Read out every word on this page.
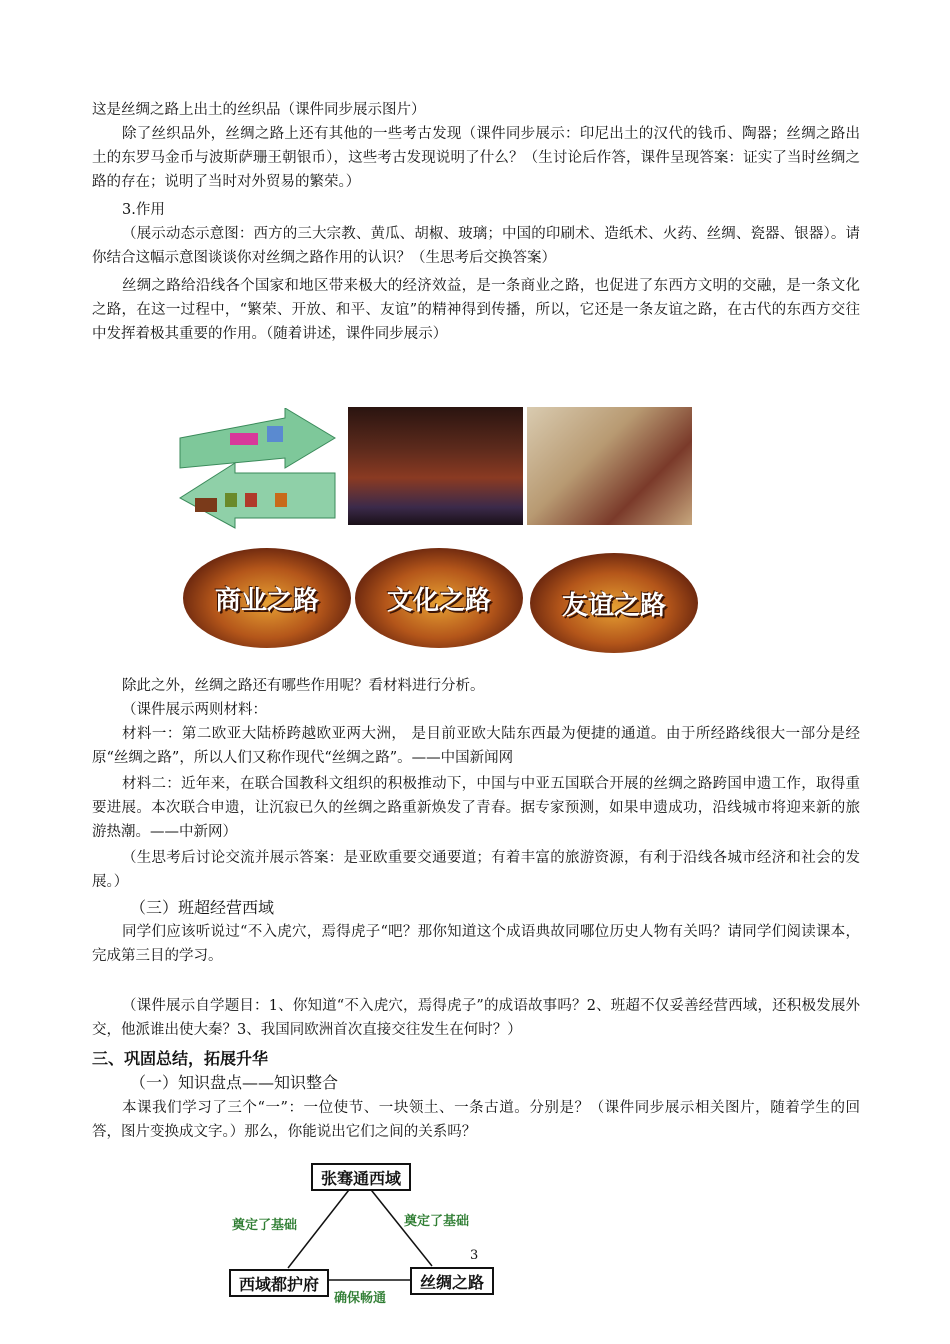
这是丝绸之路上出土的丝织品（课件同步展示图片）

除了丝织品外，丝绸之路上还有其他的一些考古发现（课件同步展示：印尼出土的汉代的钱币、陶器；丝绸之路出土的东罗马金币与波斯萨珊王朝银币），这些考古发现说明了什么？（生讨论后作答，课件呈现答案：证实了当时丝绸之路的存在；说明了当时对外贸易的繁荣。）

3.作用

（展示动态示意图：西方的三大宗教、黄瓜、胡椒、玻璃；中国的印刷术、造纸术、火药、丝绸、瓷器、银器）。请你结合这幅示意图谈谈你对丝绸之路作用的认识？（生思考后交换答案）

丝绸之路给沿线各个国家和地区带来极大的经济效益，是一条商业之路，也促进了东西方文明的交融，是一条文化之路，在这一过程中，“繁荣、开放、和平、友谊”的精神得到传播，所以，它还是一条友谊之路，在古代的东西方交往中发挥着极其重要的作用。（随着讲述，课件同步展示）

商业之路	文化之路	友谊之路

除此之外，丝绸之路还有哪些作用呢？看材料进行分析。

（课件展示两则材料：

材料一：第二欧亚大陆桥跨越欧亚两大洲， 是目前亚欧大陆东西最为便捷的通道。由于所经路线很大一部分是经原“丝绸之路”，所以人们又称作现代“丝绸之路”。——中国新闻网

材料二：近年来，在联合国教科文组织的积极推动下，中国与中亚五国联合开展的丝绸之路跨国申遗工作，取得重要进展。本次联合申遗，让沉寂已久的丝绸之路重新焕发了青春。据专家预测，如果申遗成功，沿线城市将迎来新的旅游热潮。——中新网）

（生思考后讨论交流并展示答案：是亚欧重要交通要道；有着丰富的旅游资源，有利于沿线各城市经济和社会的发展。）

（三）班超经营西域

同学们应该听说过“不入虎穴，焉得虎子“吧？那你知道这个成语典故同哪位历史人物有关吗？请同学们阅读课本，完成第三目的学习。

（课件展示自学题目：1、你知道“不入虎穴，焉得虎子”的成语故事吗？2、班超不仅妥善经营西域，还积极发展外交，他派谁出使大秦？3、我国同欧洲首次直接交往发生在何时？）

三、巩固总结，拓展升华
（一）知识盘点——知识整合

本课我们学习了三个“一”：一位使节、一块领土、一条古道。分别是？（课件同步展示相关图片，随着学生的回答，图片变换成文字。）那么，你能说出它们之间的关系吗？

张骞通西域
西域都护府	丝绸之路
奠定了基础	奠定了基础
确保畅通
3
